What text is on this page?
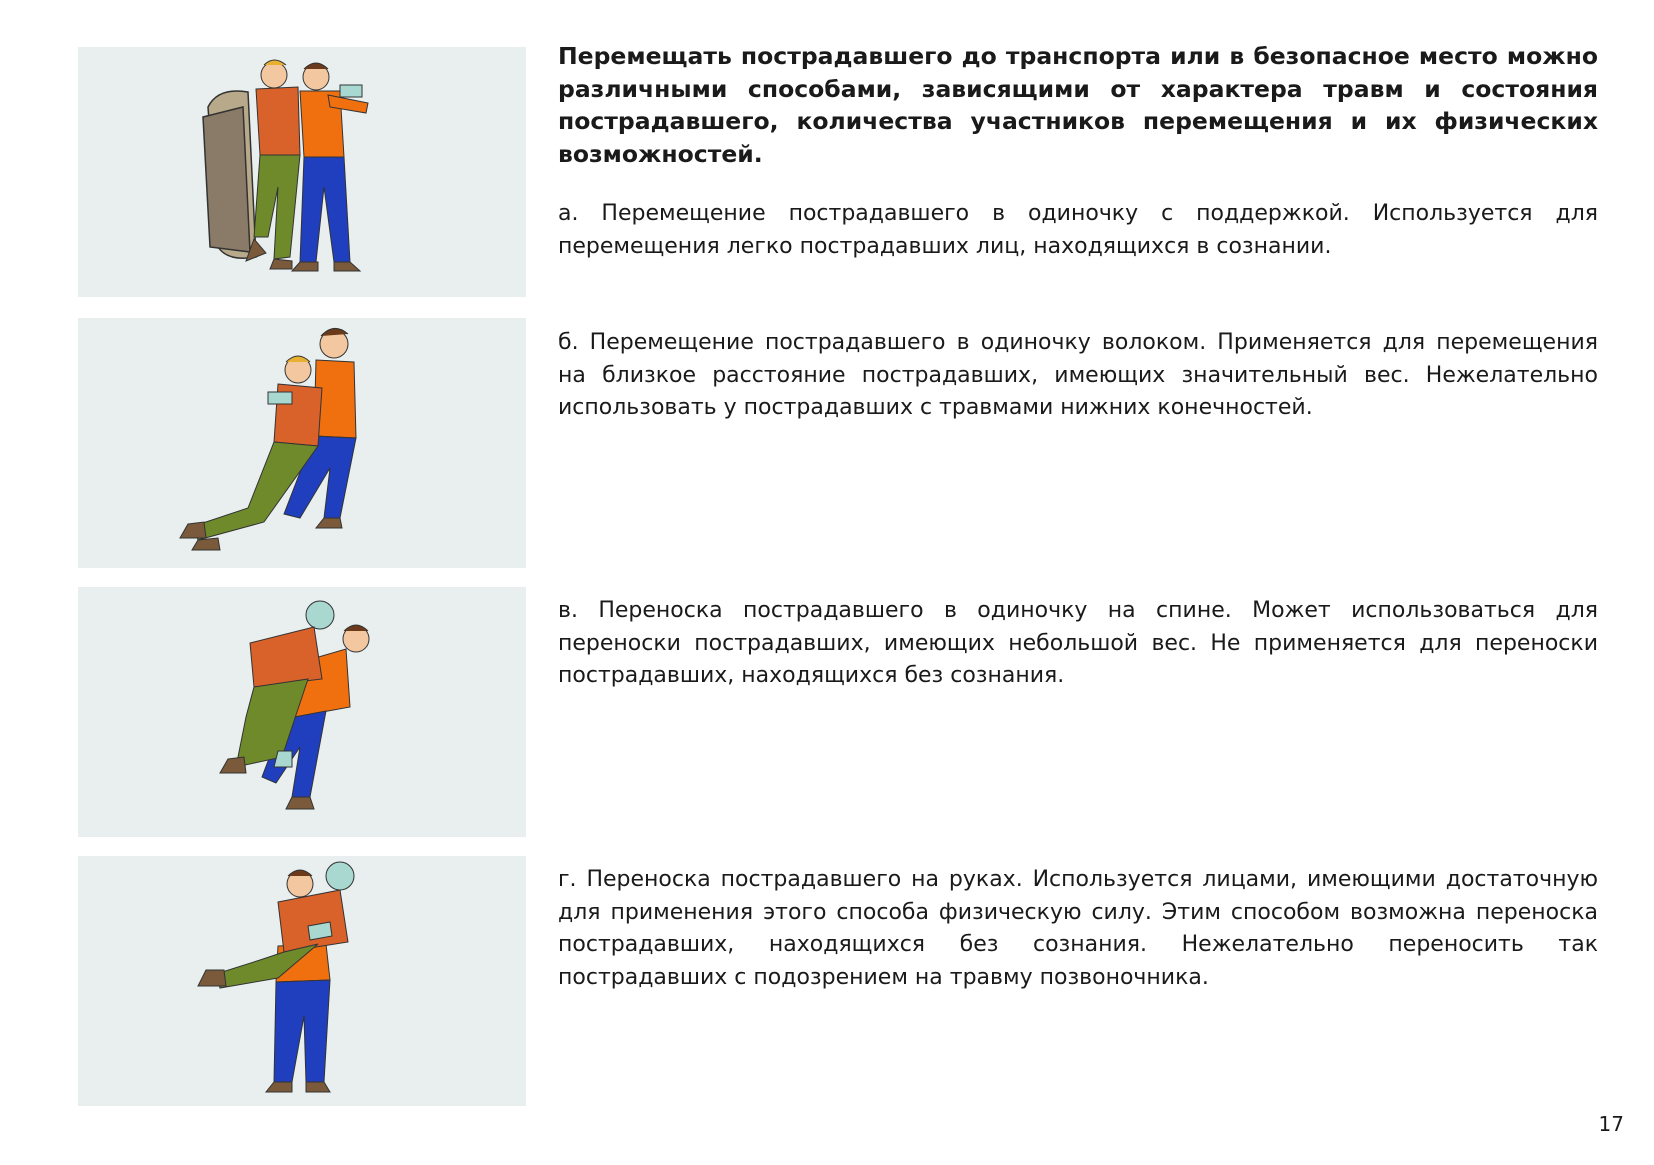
Перемещать пострадавшего до транспорта или в безопасное место можно различными способами, зависящими от характера травм и состояния пострадавшего, количества участников перемещения и их физических возможностей.

а. Перемещение пострадавшего в одиночку с поддержкой. Используется для перемещения легко пострадавших лиц, находящихся в сознании.

б. Перемещение пострадавшего в одиночку волоком. Применяется для перемещения на близкое расстояние пострадавших, имеющих значительный вес. Нежелательно использовать у пострадавших с травмами нижних конечностей.

в. Переноска пострадавшего в одиночку на спине. Может использоваться для переноски пострадавших, имеющих небольшой вес. Не применяется для переноски пострадавших, находящихся без сознания.

г. Переноска пострадавшего на руках. Используется лицами, имеющими достаточную для применения этого способа физическую силу. Этим способом возможна переноска пострадавших, находящихся без сознания. Нежелательно переносить так пострадавших с подозрением на травму позвоночника.

17
